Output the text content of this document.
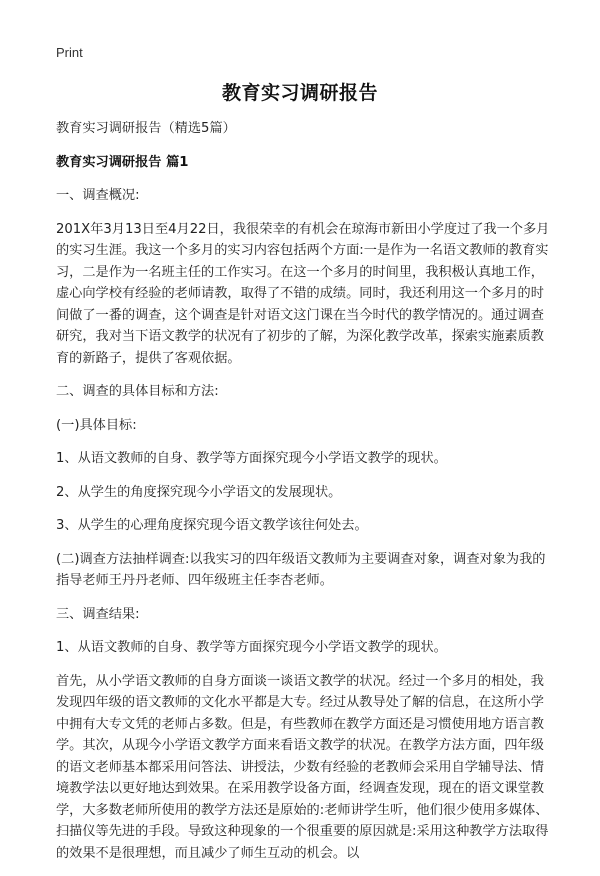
Print
教育实习调研报告

教育实习调研报告（精选5篇）

教育实习调研报告 篇1

一、调查概况:

201X年3月13日至4月22日，我很荣幸的有机会在琼海市新田小学度过了我一个多月的实习生涯。我这一个多月的实习内容包括两个方面:一是作为一名语文教师的教育实习，二是作为一名班主任的工作实习。在这一个多月的时间里，我积极认真地工作，虚心向学校有经验的老师请教，取得了不错的成绩。同时，我还利用这一个多月的时间做了一番的调查，这个调查是针对语文这门课在当今时代的教学情况的。通过调查研究，我对当下语文教学的状况有了初步的了解，为深化教学改革，探索实施素质教育的新路子，提供了客观依据。

二、调查的具体目标和方法:

(一)具体目标:

1、从语文教师的自身、教学等方面探究现今小学语文教学的现状。

2、从学生的角度探究现今小学语文的发展现状。

3、从学生的心理角度探究现今语文教学该往何处去。

(二)调查方法抽样调查:以我实习的四年级语文教师为主要调查对象，调查对象为我的指导老师王丹丹老师、四年级班主任李杏老师。

三、调查结果:

1、从语文教师的自身、教学等方面探究现今小学语文教学的现状。

首先，从小学语文教师的自身方面谈一谈语文教学的状况。经过一个多月的相处，我发现四年级的语文教师的文化水平都是大专。经过从教导处了解的信息，在这所小学中拥有大专文凭的老师占多数。但是，有些教师在教学方面还是习惯使用地方语言教学。其次，从现今小学语文教学方面来看语文教学的状况。在教学方法方面，四年级的语文老师基本都采用问答法、讲授法，少数有经验的老教师会采用自学辅导法、情境教学法以更好地达到效果。在采用教学设备方面，经调查发现，现在的语文课堂教学，大多数老师所使用的教学方法还是原始的:老师讲学生听，他们很少使用多媒体、扫描仪等先进的手段。导致这种现象的一个很重要的原因就是:采用这种教学方法取得的效果不是很理想，而且减少了师生互动的机会。以
